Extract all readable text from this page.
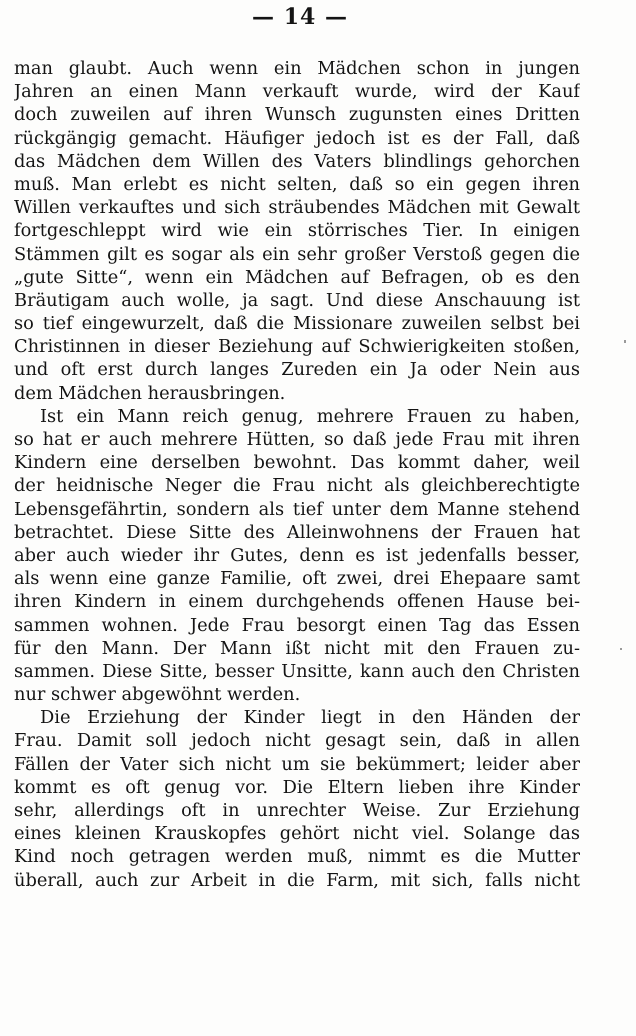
— 14 —

man glaubt. Auch wenn ein Mädchen schon in jungen
Jahren an einen Mann verkauft wurde, wird der Kauf
doch zuweilen auf ihren Wunsch zugunsten eines Dritten
rückgängig gemacht. Häufiger jedoch ist es der Fall, daß
das Mädchen dem Willen des Vaters blindlings gehorchen
muß. Man erlebt es nicht selten, daß so ein gegen ihren
Willen verkauftes und sich sträubendes Mädchen mit Gewalt
fortgeschleppt wird wie ein störrisches Tier. In einigen
Stämmen gilt es sogar als ein sehr großer Verstoß gegen die
„gute Sitte“, wenn ein Mädchen auf Befragen, ob es den
Bräutigam auch wolle, ja sagt. Und diese Anschauung ist
so tief eingewurzelt, daß die Missionare zuweilen selbst bei
Christinnen in dieser Beziehung auf Schwierigkeiten stoßen,
und oft erst durch langes Zureden ein Ja oder Nein aus
dem Mädchen herausbringen.
Ist ein Mann reich genug, mehrere Frauen zu haben,
so hat er auch mehrere Hütten, so daß jede Frau mit ihren
Kindern eine derselben bewohnt. Das kommt daher, weil
der heidnische Neger die Frau nicht als gleichberechtigte
Lebensgefährtin, sondern als tief unter dem Manne stehend
betrachtet. Diese Sitte des Alleinwohnens der Frauen hat
aber auch wieder ihr Gutes, denn es ist jedenfalls besser,
als wenn eine ganze Familie, oft zwei, drei Ehepaare samt
ihren Kindern in einem durchgehends offenen Hause bei-
sammen wohnen. Jede Frau besorgt einen Tag das Essen
für den Mann. Der Mann ißt nicht mit den Frauen zu-
sammen. Diese Sitte, besser Unsitte, kann auch den Christen
nur schwer abgewöhnt werden.
Die Erziehung der Kinder liegt in den Händen der
Frau. Damit soll jedoch nicht gesagt sein, daß in allen
Fällen der Vater sich nicht um sie bekümmert; leider aber
kommt es oft genug vor. Die Eltern lieben ihre Kinder
sehr, allerdings oft in unrechter Weise. Zur Erziehung
eines kleinen Krauskopfes gehört nicht viel. Solange das
Kind noch getragen werden muß, nimmt es die Mutter
überall, auch zur Arbeit in die Farm, mit sich, falls nicht
